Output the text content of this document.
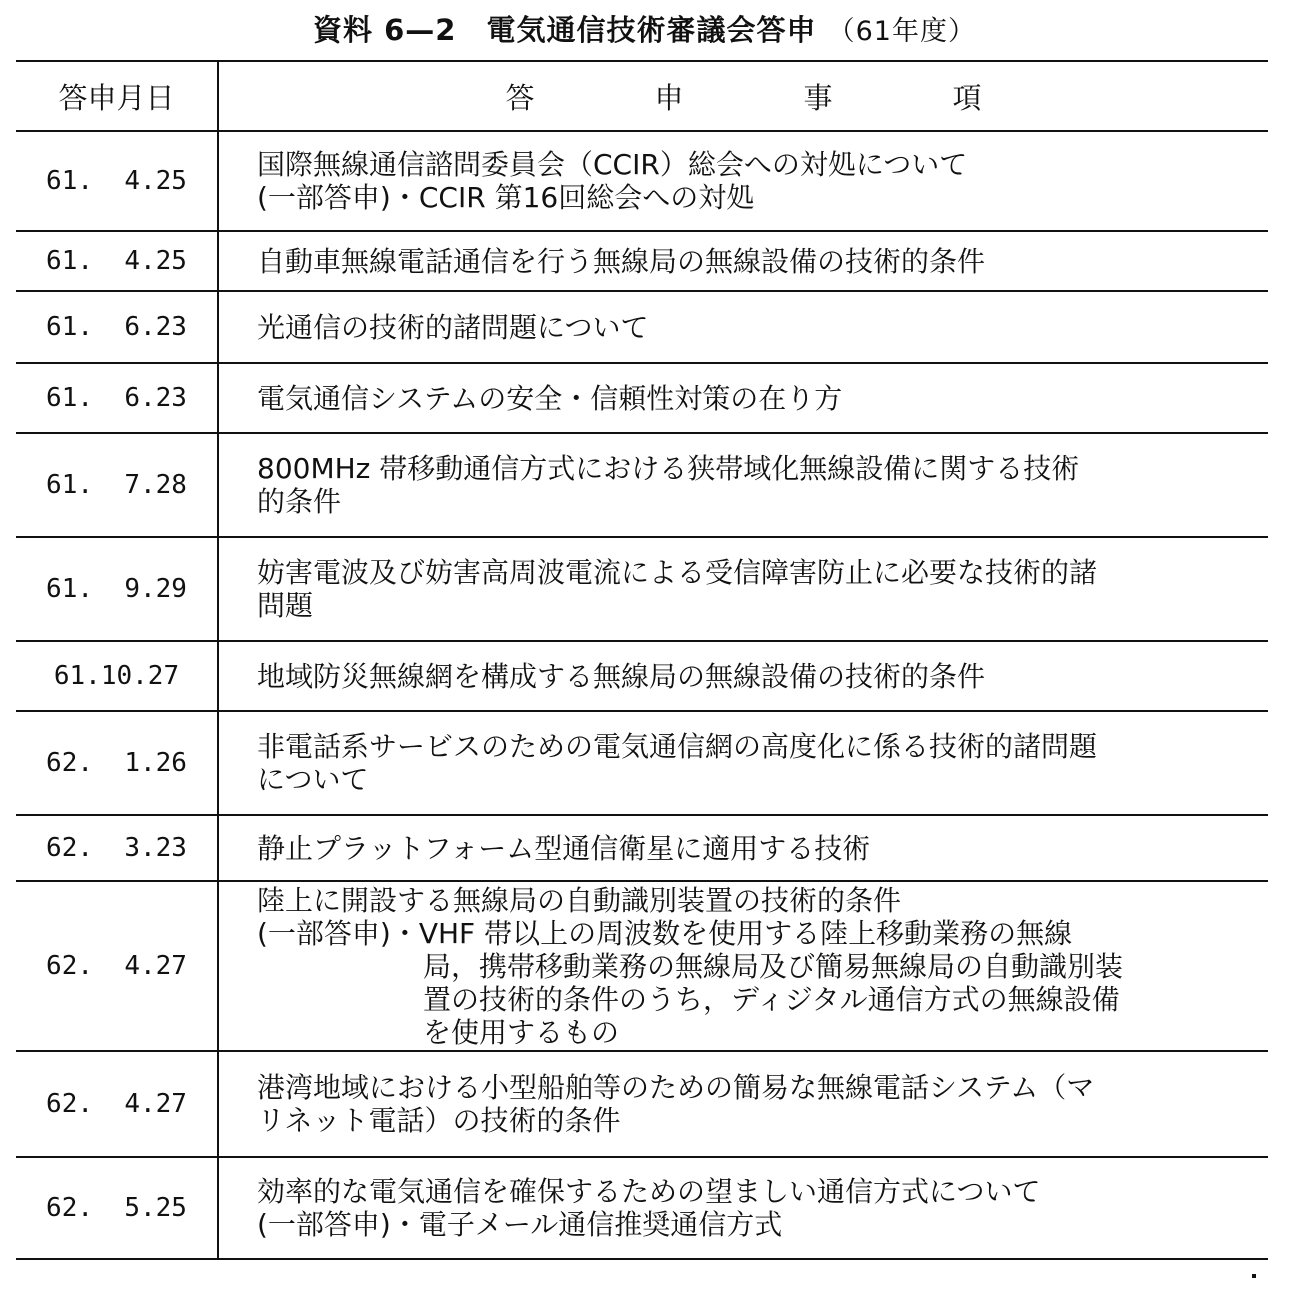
資料 6—2　電気通信技術審議会答申 （61年度）
答申月日	答 申 事 項
61.  4.25	国際無線通信諮問委員会（CCIR）総会への対処について
(一部答申)・CCIR 第16回総会への対処

61.  4.25	自動車無線電話通信を行う無線局の無線設備の技術的条件

61.  6.23	光通信の技術的諸問題について

61.  6.23	電気通信システムの安全・信頼性対策の在り方

61.  7.28	800MHz 帯移動通信方式における狭帯域化無線設備に関する技術
的条件

61.  9.29	妨害電波及び妨害高周波電流による受信障害防止に必要な技術的諸
問題

61.10.27	地域防災無線網を構成する無線局の無線設備の技術的条件

62.  1.26	非電話系サービスのための電気通信網の高度化に係る技術的諸問題
について

62.  3.23	静止プラットフォーム型通信衛星に適用する技術

62.  4.27	陸上に開設する無線局の自動識別装置の技術的条件
(一部答申)・VHF 帯以上の周波数を使用する陸上移動業務の無線
局，携帯移動業務の無線局及び簡易無線局の自動識別装
置の技術的条件のうち，ディジタル通信方式の無線設備
を使用するもの

62.  4.27	港湾地域における小型船舶等のための簡易な無線電話システム（マ
リネット電話）の技術的条件

62.  5.25	効率的な電気通信を確保するための望ましい通信方式について
(一部答申)・電子メール通信推奨通信方式
